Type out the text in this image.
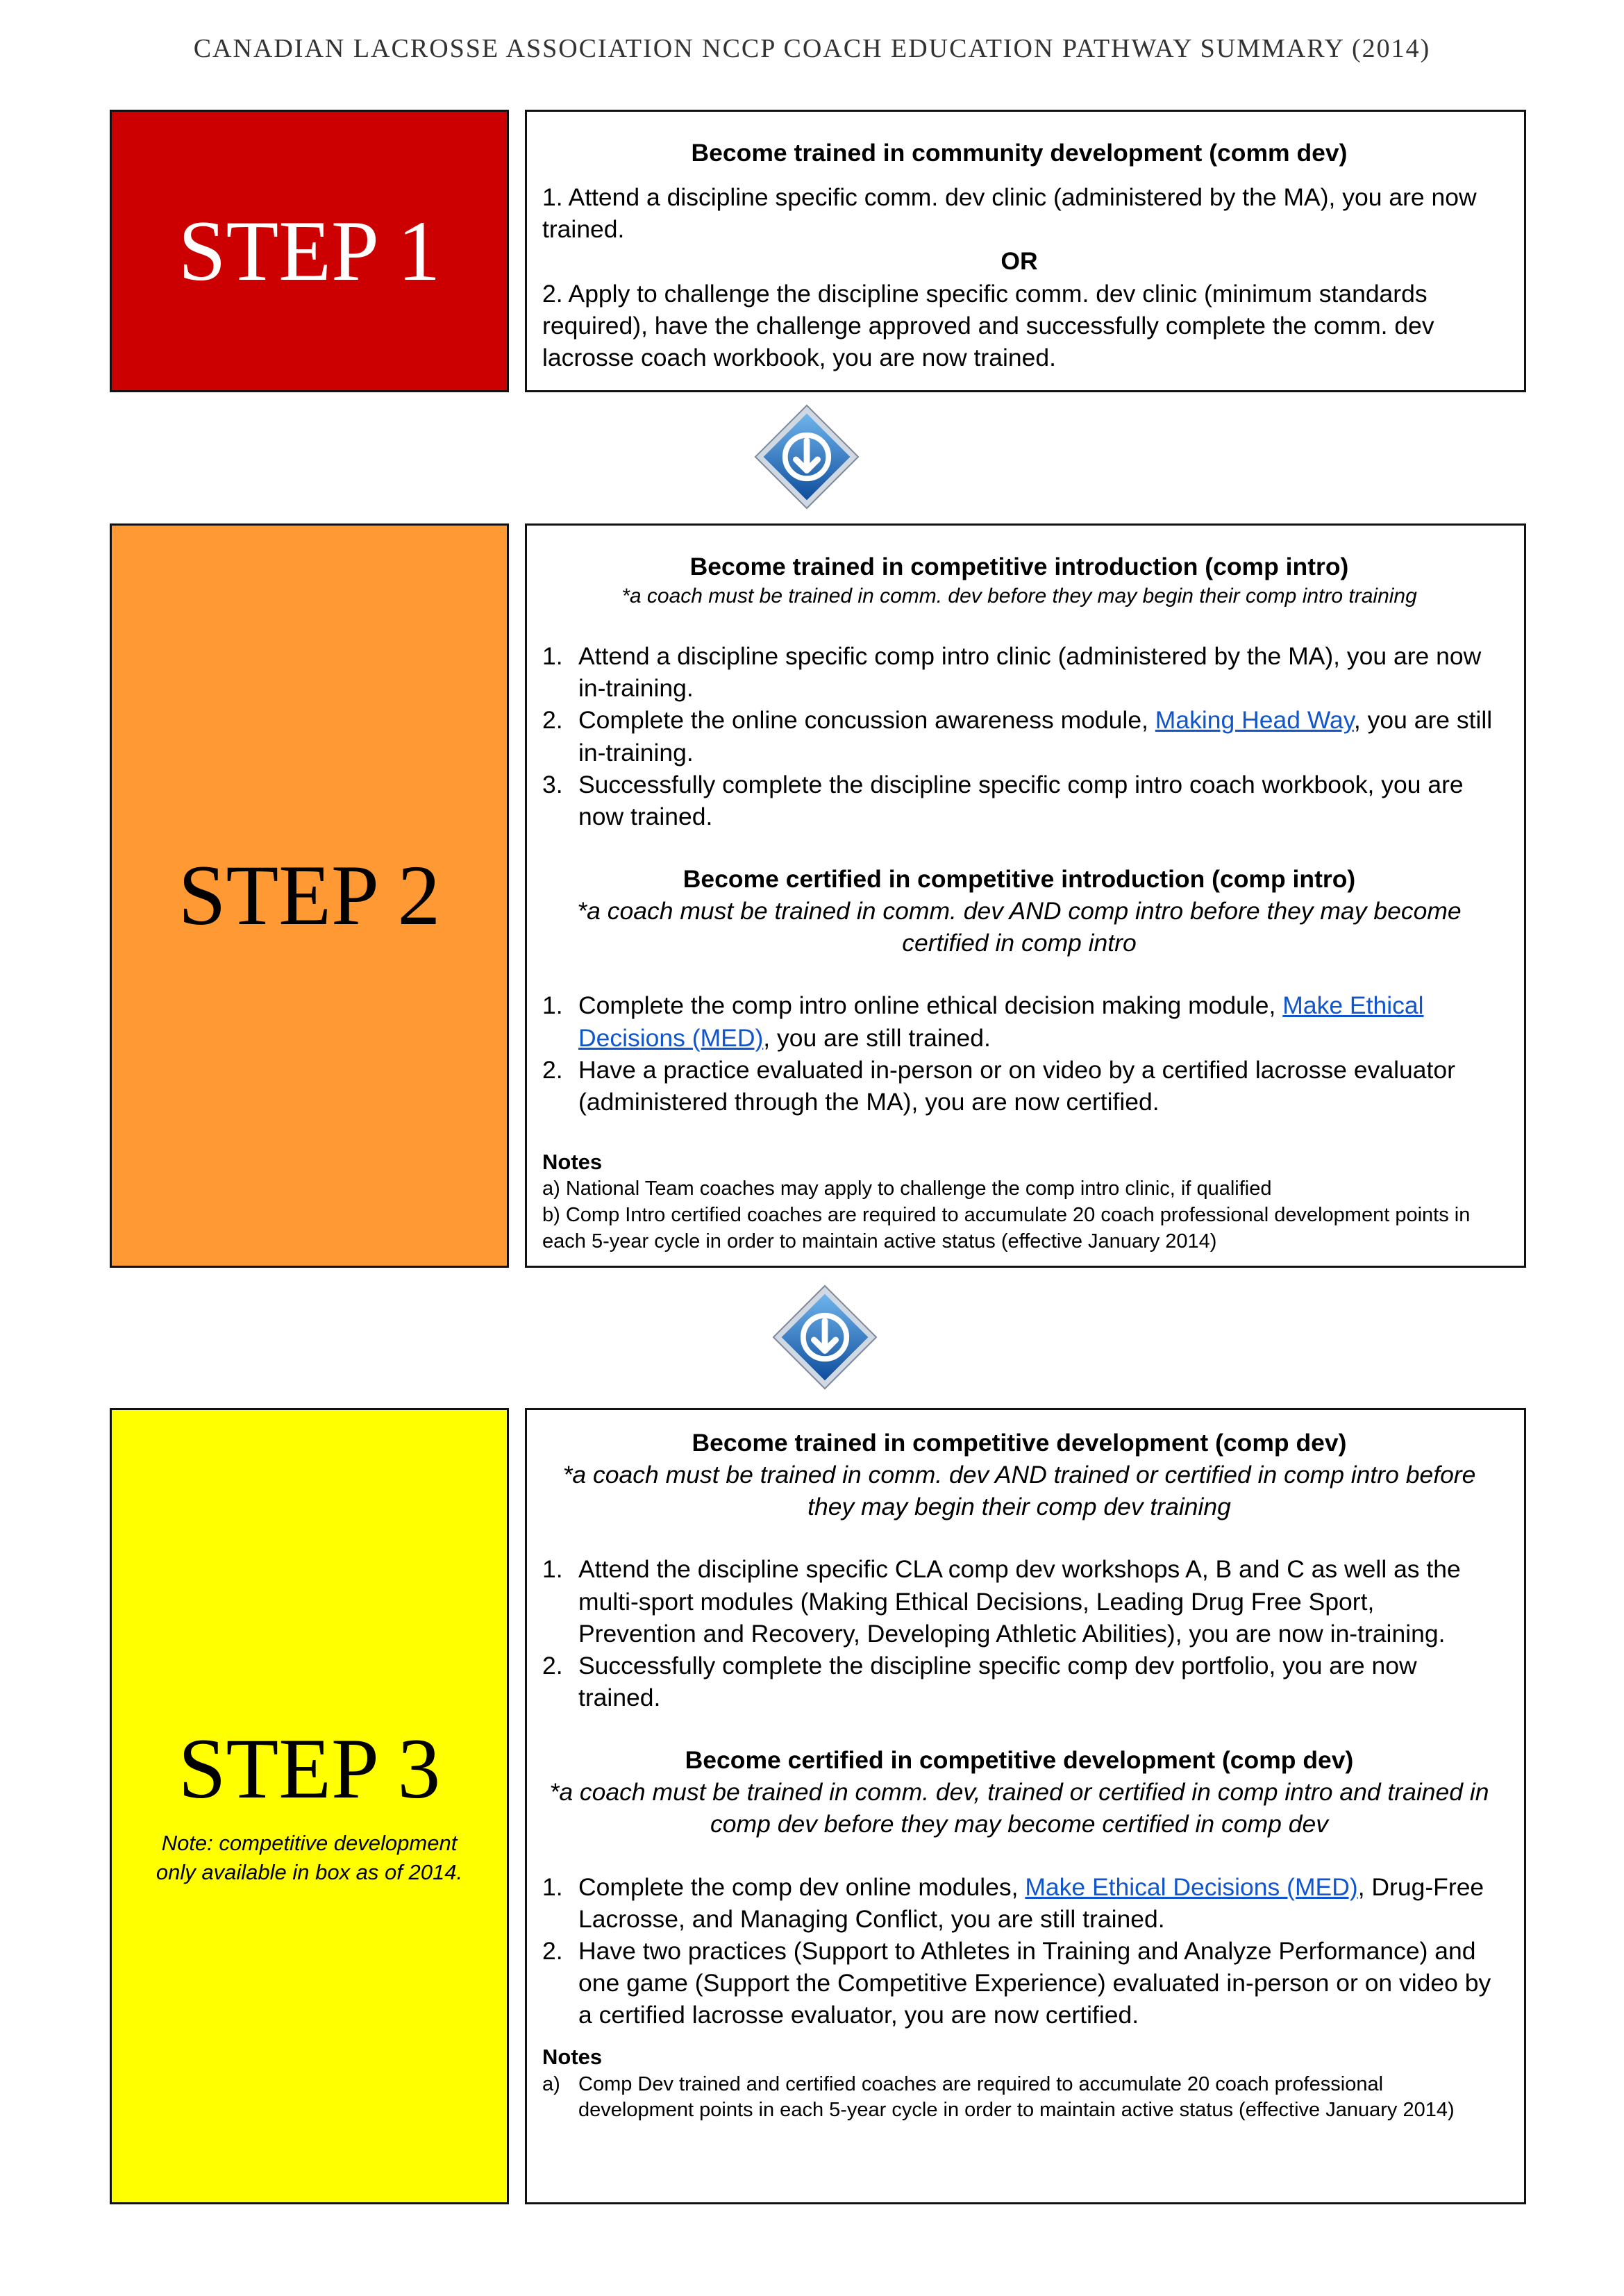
CANADIAN LACROSSE ASSOCIATION NCCP COACH EDUCATION PATHWAY SUMMARY (2014)
STEP 1
Become trained in community development (comm dev)

1. Attend a discipline specific comm. dev clinic (administered by the MA), you are now trained.

OR

2. Apply to challenge the discipline specific comm. dev clinic (minimum standards required), have the challenge approved and successfully complete the comm. dev lacrosse coach workbook, you are now trained.

STEP 2
Become trained in competitive introduction (comp intro)
*a coach must be trained in comm. dev before they may begin their comp intro training
1. Attend a discipline specific comp intro clinic (administered by the MA), you are now in-training.
2. Complete the online concussion awareness module, Making Head Way, you are still in-training.
3. Successfully complete the discipline specific comp intro coach workbook, you are now trained.
Become certified in competitive introduction (comp intro)
*a coach must be trained in comm. dev AND comp intro before they may become certified in comp intro
1. Complete the comp intro online ethical decision making module, Make Ethical Decisions (MED), you are still trained.
2. Have a practice evaluated in-person or on video by a certified lacrosse evaluator (administered through the MA), you are now certified.
Notes

a) National Team coaches may apply to challenge the comp intro clinic, if qualified

b) Comp Intro certified coaches are required to accumulate 20 coach professional development points in each 5-year cycle in order to maintain active status (effective January 2014)

STEP 3
Note: competitive development only available in box as of 2014.
Become trained in competitive development (comp dev)
*a coach must be trained in comm. dev AND trained or certified in comp intro before they may begin their comp dev training
1. Attend the discipline specific CLA comp dev workshops A, B and C as well as the multi-sport modules (Making Ethical Decisions, Leading Drug Free Sport, Prevention and Recovery, Developing Athletic Abilities), you are now in-training.
2. Successfully complete the discipline specific comp dev portfolio, you are now trained.
Become certified in competitive development (comp dev)
*a coach must be trained in comm. dev, trained or certified in comp intro and trained in comp dev before they may become certified in comp dev
1. Complete the comp dev online modules, Make Ethical Decisions (MED), Drug-Free Lacrosse, and Managing Conflict, you are still trained.
2. Have two practices (Support to Athletes in Training and Analyze Performance) and one game (Support the Competitive Experience) evaluated in-person or on video by a certified lacrosse evaluator, you are now certified.
Notes
a) Comp Dev trained and certified coaches are required to accumulate 20 coach professional development points in each 5-year cycle in order to maintain active status (effective January 2014)
